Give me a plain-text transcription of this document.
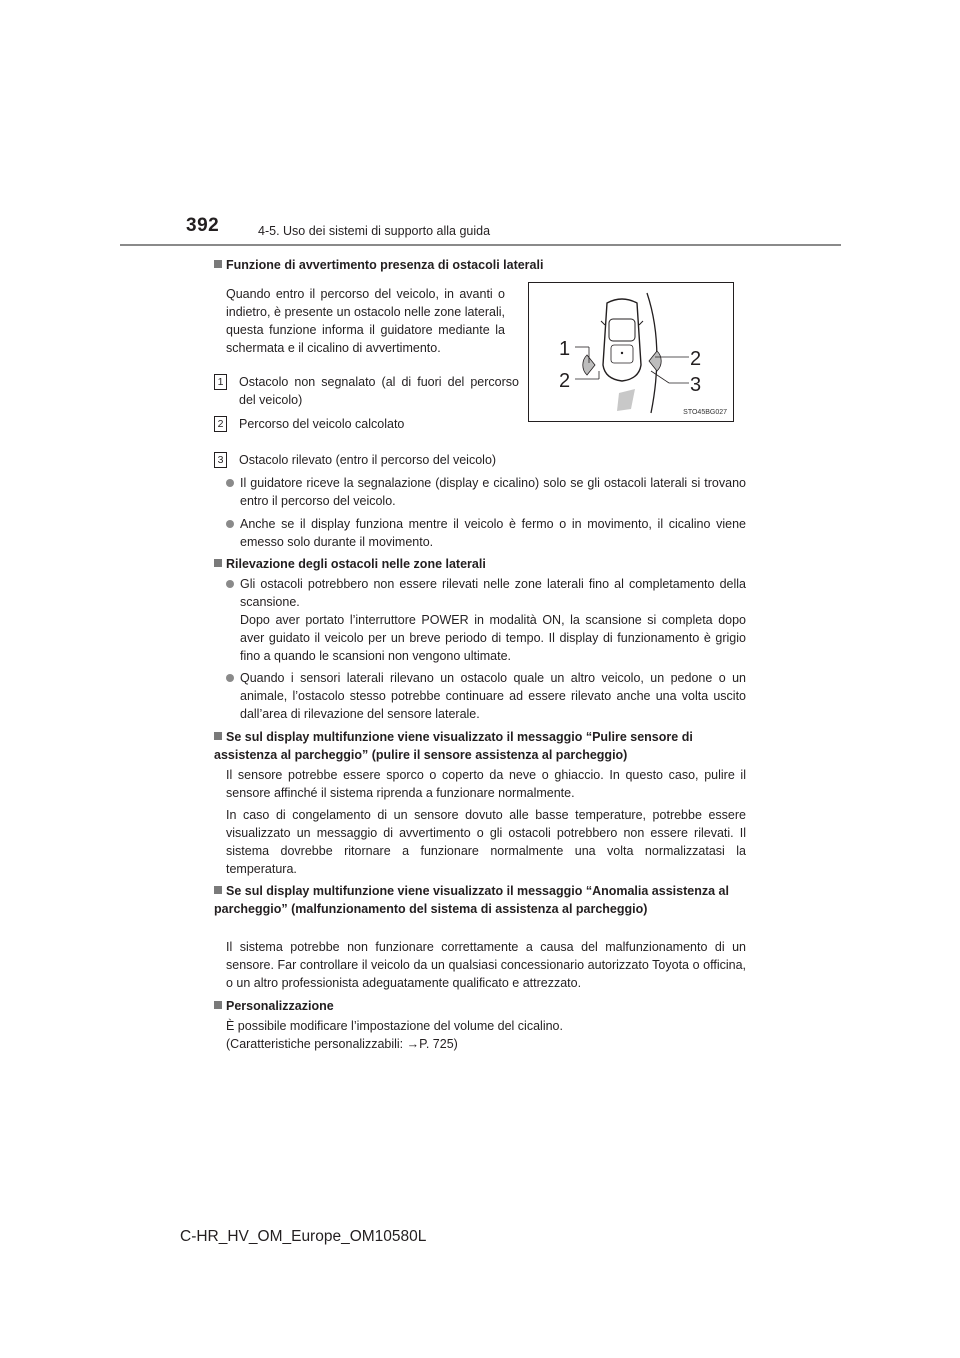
392	4-5. Uso dei sistemi di supporto alla guida
Funzione di avvertimento presenza di ostacoli laterali
Quando entro il percorso del veicolo, in avanti o indietro, è presente un ostacolo nelle zone laterali, questa funzione informa il guidatore mediante la schermata e il cicalino di avvertimento.
1 Ostacolo non segnalato (al di fuori del percorso del veicolo)
2 Percorso del veicolo calcolato
3 Ostacolo rilevato (entro il percorso del veicolo)
1
2
2
3
STO45BG027
Il guidatore riceve la segnalazione (display e cicalino) solo se gli ostacoli laterali si trovano entro il percorso del veicolo.
Anche se il display funziona mentre il veicolo è fermo o in movimento, il cicalino viene emesso solo durante il movimento.
Rilevazione degli ostacoli nelle zone laterali
Gli ostacoli potrebbero non essere rilevati nelle zone laterali fino al completamento della scansione.
Dopo aver portato l’interruttore POWER in modalità ON, la scansione si completa dopo aver guidato il veicolo per un breve periodo di tempo. Il display di funzionamento è grigio fino a quando le scansioni non vengono ultimate.
Quando i sensori laterali rilevano un ostacolo quale un altro veicolo, un pedone o un animale, l’ostacolo stesso potrebbe continuare ad essere rilevato anche una volta uscito dall’area di rilevazione del sensore laterale.
Se sul display multifunzione viene visualizzato il messaggio “Pulire sensore di assistenza al parcheggio” (pulire il sensore assistenza al parcheggio)
Il sensore potrebbe essere sporco o coperto da neve o ghiaccio. In questo caso, pulire il sensore affinché il sistema riprenda a funzionare normalmente.
In caso di congelamento di un sensore dovuto alle basse temperature, potrebbe essere visualizzato un messaggio di avvertimento o gli ostacoli potrebbero non essere rilevati. Il sistema dovrebbe ritornare a funzionare normalmente una volta normalizzatasi la temperatura.
Se sul display multifunzione viene visualizzato il messaggio “Anomalia assistenza al parcheggio” (malfunzionamento del sistema di assistenza al parcheggio)
Il sistema potrebbe non funzionare correttamente a causa del malfunzionamento di un sensore. Far controllare il veicolo da un qualsiasi concessionario autorizzato Toyota o officina, o un altro professionista adeguatamente qualificato e attrezzato.
Personalizzazione
È possibile modificare l’impostazione del volume del cicalino.
(Caratteristiche personalizzabili: →P. 725)
C-HR_HV_OM_Europe_OM10580L
